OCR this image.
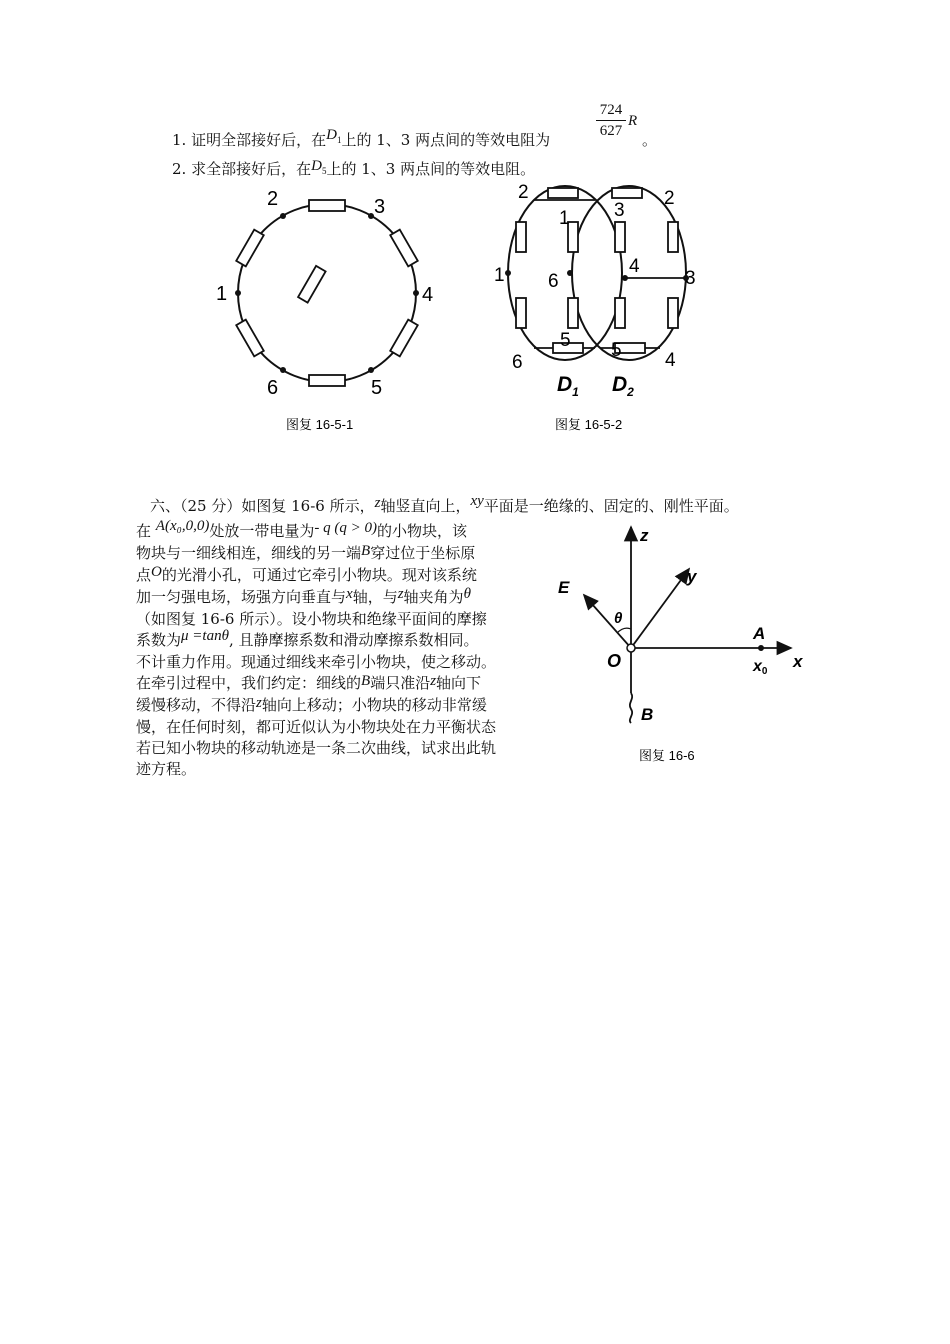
1. 证明全部接好后，在$D_1$上的 1、3 两点间的等效电阻为
724
627
R
。
2. 求全部接好后，在$D_5$上的 1、3 两点间的等效电阻。
1
2	3
4
5
6
图复 16-5-1
1
2
6
5
6
1
5
2
3
4
3
4
$D_1$ $D_2$
图复 16-5-2
六、（25 分）如图复 16-6 所示，z轴竖直向上，xy平面是一绝缘的、固定的、刚性平面。
在 A(x₀,0,0)处放一带电量为- q (q > 0)的小物块，该
物块与一细线相连，细线的另一端B穿过位于坐标原
点O的光滑小孔，可通过它牵引小物块。现对该系统
加一匀强电场，场强方向垂直与x轴，与z轴夹角为θ
（如图复 16-6 所示）。设小物块和绝缘平面间的摩擦
系数为μ =tanθ, 且静摩擦系数和滑动摩擦系数相同。
不计重力作用。现通过细线来牵引小物块，使之移动。
在牵引过程中，我们约定：细线的B端只准沿z轴向下
缓慢移动，不得沿z轴向上移动；小物块的移动非常缓
慢，在任何时刻，都可近似认为小物块处在力平衡状态
若已知小物块的移动轨迹是一条二次曲线，试求出此轨
迹方程。
z
y
x
E
θ
O
A
x0
B
图复 16-6
